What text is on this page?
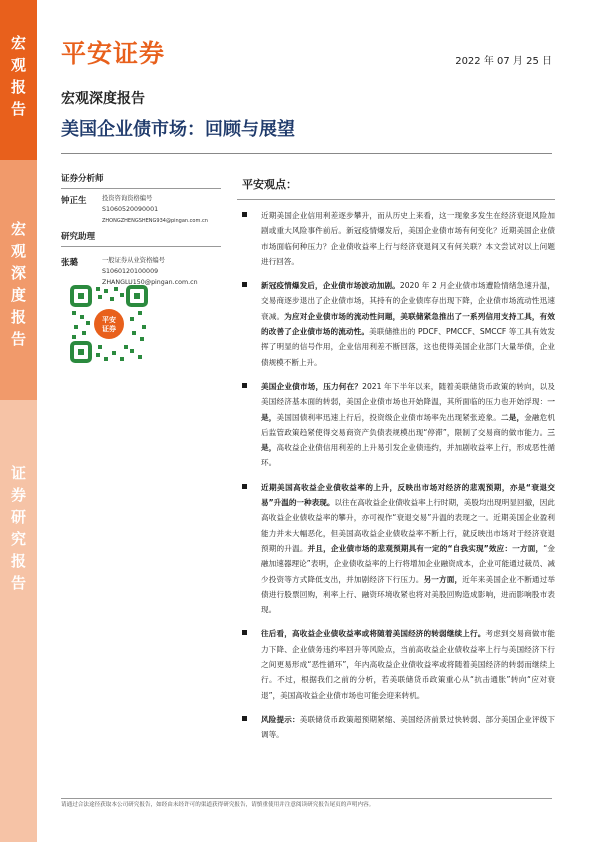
宏
观
报
告
宏
观
深
度
报
告
证
券
研
究
报
告
平安证券	2022 年 07 月 25 日
宏观深度报告
美国企业债市场：回顾与展望
证券分析师
钟正生 投资咨询资格编号
S1060520090001
ZHONGZHENGSHENG934@pingan.com.cn
研究助理
张璐	一般证券从业资格编号
S1060120100009
ZHANGLU150@pingan.com.cn
平安
证券
平安观点：
近期美国企业信用利差逐步攀升，而从历史上来看，这一现象多发生在经济衰退风险加剧或重大风险事件前后。新冠疫情爆发后，美国企业债市场有何变化？近期美国企业债市场面临何种压力？企业债收益率上行与经济衰退间又有何关联？本文尝试对以上问题进行回答。
新冠疫情爆发后，企业债市场波动加剧。2020 年 2 月企业债市场遭险情绪急速升温，交易商逐步退出了企业债市场，其持有的企业债库存出现下降，企业债市场流动性迅速衰减。为应对企业债市场的流动性问题，美联储紧急推出了一系列信用支持工具，有效的改善了企业债市场的流动性。美联储推出的 PDCF、PMCCF、SMCCF 等工具有效发挥了明显的信号作用，企业信用利差不断回落，这也使得美国企业部门大量举债，企业债规模不断上升。
美国企业债市场，压力何在？2021 年下半年以来，随着美联储货币政策的转向，以及美国经济基本面的转弱，美国企业债市场也开始降温，其所面临的压力也开始浮现：一是，美国国债利率迅速上行后，投资级企业债市场率先出现紧张迹象。二是，金融危机后监管政策趋紧使得交易商资产负债表规模出现“停滞”，限制了交易商的做市能力。三是，高收益企业债信用利差的上升易引发企业债违约，并加剧收益率上行，形成恶性循环。
近期美国高收益企业债收益率的上升，反映出市场对经济的悲观预期，亦是“衰退交易”升温的一种表现。以往在高收益企业债收益率上行时期，美股均出现明显回撤，因此高收益企业债收益率的攀升，亦可视作“衰退交易”升温的表现之一。近期美国企业盈利能力并未大幅恶化，但美国高收益企业债收益率不断上行，就反映出市场对于经济衰退预期的升温。并且，企业债市场的悲观预期具有一定的“自我实现”效应：一方面，“金融加速器理论”表明，企业债收益率的上行将增加企业融资成本，企业可能通过裁员、减少投资等方式降低支出，并加剧经济下行压力。另一方面，近年来美国企业不断通过举债进行股票回购，利率上行、融资环境收紧也将对美股回购造成影响，进而影响股市表现。
往后看，高收益企业债收益率或将随着美国经济的转弱继续上行。考虑到交易商做市能力下降、企业债务违约率回升等风险点，当前高收益企业债收益率上行与美国经济下行之间更易形成“恶性循环”，年内高收益企业债收益率或将随着美国经济的转弱而继续上行。不过，根据我们之前的分析，若美联储货币政策重心从“抗击通胀”转向“应对衰退”，美国高收益企业债市场也可能会迎来转机。
风险提示：美联储货币政策超预期紧缩、美国经济前景过快转弱、部分美国企业评级下调等。
请通过合法途径获取本公司研究报告，如经由未经许可的渠道获得研究报告，请慎重使用并注意阅读研究报告尾页的声明内容。
